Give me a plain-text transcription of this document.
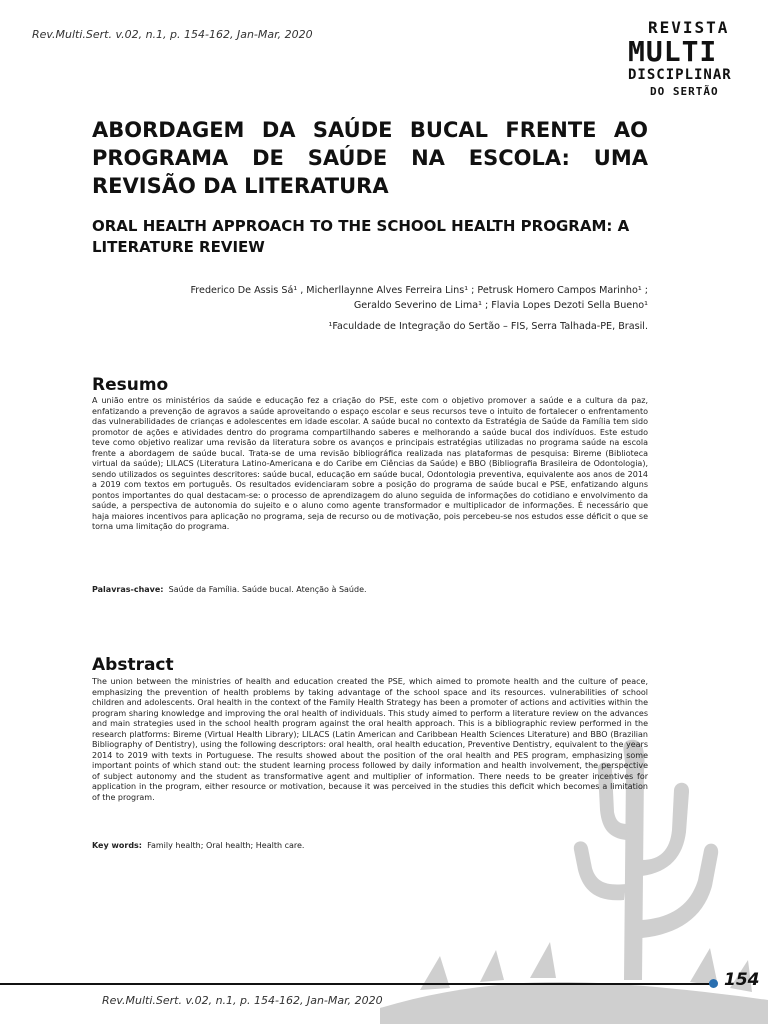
Rev.Multi.Sert. v.02, n.1, p. 154-162, Jan-Mar, 2020	REVISTA
MULTI
DISCIPLINAR
DO SERTÃO
ABORDAGEM DA SAÚDE BUCAL FRENTE AO PROGRAMA DE SAÚDE NA ESCOLA: UMA REVISÃO DA LITERATURA
ORAL HEALTH APPROACH TO THE SCHOOL HEALTH PROGRAM: A LITERATURE REVIEW
Frederico De Assis Sá¹ , Micherllaynne Alves Ferreira Lins¹ ; Petrusk Homero Campos Marinho¹ ;
Geraldo Severino de Lima¹ ; Flavia Lopes Dezoti Sella Bueno¹
¹Faculdade de Integração do Sertão – FIS, Serra Talhada-PE, Brasil.
Resumo

A união entre os ministérios da saúde e educação fez a criação do PSE, este com o objetivo promover a saúde e a cultura da paz, enfatizando a prevenção de agravos a saúde aproveitando o espaço escolar e seus recursos teve o intuito de fortalecer o enfrentamento das vulnerabilidades de crianças e adolescentes em idade escolar. A saúde bucal no contexto da Estratégia de Saúde da Família tem sido promotor de ações e atividades dentro do programa compartilhando saberes e melhorando a saúde bucal dos indivíduos. Este estudo teve como objetivo realizar uma revisão da literatura sobre os avanços e principais estratégias utilizadas no programa saúde na escola frente a abordagem de saúde bucal. Trata-se de uma revisão bibliográfica realizada nas plataformas de pesquisa: Bireme (Biblioteca virtual da saúde); LILACS (Literatura Latino-Americana e do Caribe em Ciências da Saúde) e BBO (Bibliografia Brasileira de Odontologia), sendo utilizados os seguintes descritores: saúde bucal, educação em saúde bucal, Odontologia preventiva, equivalente aos anos de 2014 a 2019 com textos em português. Os resultados evidenciaram sobre a posição do programa de saúde bucal e PSE, enfatizando alguns pontos importantes do qual destacam-se: o processo de aprendizagem do aluno seguida de informações do cotidiano e envolvimento da saúde, a perspectiva de autonomia do sujeito e o aluno como agente transformador e multiplicador de informações. É necessário que haja maiores incentivos para aplicação no programa, seja de recurso ou de motivação, pois percebeu-se nos estudos esse déficit o que se torna uma limitação do programa.

Palavras-chave: Saúde da Família. Saúde bucal. Atenção à Saúde.
Abstract

The union between the ministries of health and education created the PSE, which aimed to promote health and the culture of peace, emphasizing the prevention of health problems by taking advantage of the school space and its resources. vulnerabilities of school children and adolescents. Oral health in the context of the Family Health Strategy has been a promoter of actions and activities within the program sharing knowledge and improving the oral health of individuals. This study aimed to perform a literature review on the advances and main strategies used in the school health program against the oral health approach. This is a bibliographic review performed in the research platforms: Bireme (Virtual Health Library); LILACS (Latin American and Caribbean Health Sciences Literature) and BBO (Brazilian Bibliography of Dentistry), using the following descriptors: oral health, oral health education, Preventive Dentistry, equivalent to the years 2014 to 2019 with texts in Portuguese. The results showed about the position of the oral health and PES program, emphasizing some important points of which stand out: the student learning process followed by daily information and health involvement, the perspective of subject autonomy and the student as transformative agent and multiplier of information. There needs to be greater incentives for application in the program, either resource or motivation, because it was perceived in the studies this deficit which becomes a limitation of the program.

Key words: Family health; Oral health; Health care.
154
Rev.Multi.Sert. v.02, n.1, p. 154-162, Jan-Mar, 2020
